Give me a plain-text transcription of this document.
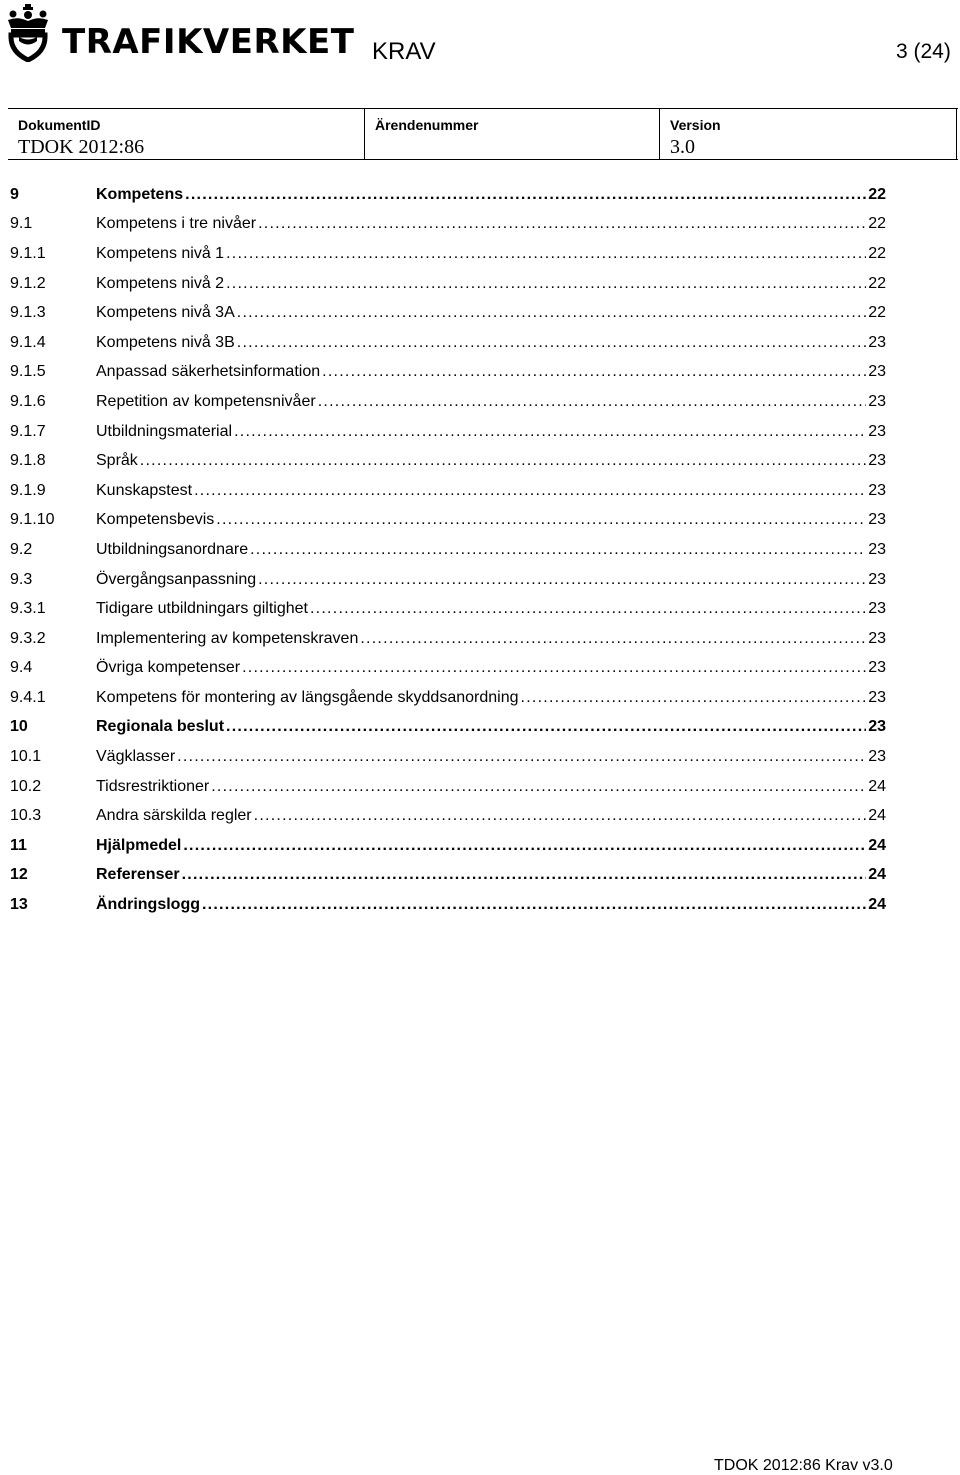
TRAFIKVERKET KRAV	3 (24)
DokumentID
TDOK 2012:86
Ärendenummer	Version
3.0
9	Kompetens . . .	22
9.1	Kompetens i tre nivåer . . .	22
9.1.1	Kompetens nivå 1 . . .	22
9.1.2	Kompetens nivå 2 . . .	22
9.1.3	Kompetens nivå 3A . . .	22
9.1.4	Kompetens nivå 3B . . .	23
9.1.5	Anpassad säkerhetsinformation . . .	23
9.1.6	Repetition av kompetensnivåer . . .	23
9.1.7	Utbildningsmaterial . . .	23
9.1.8	Språk . . .	23
9.1.9	Kunskapstest . . .	23
9.1.10	Kompetensbevis . . .	23
9.2	Utbildningsanordnare . . .	23
9.3	Övergångsanpassning . . .	23
9.3.1	Tidigare utbildningars giltighet . . .	23
9.3.2	Implementering av kompetenskraven . . .	23
9.4	Övriga kompetenser . . .	23
9.4.1	Kompetens för montering av längsgående skyddsanordning . . .	23
10	Regionala beslut . . .	23
10.1	Vägklasser . . .	23
10.2	Tidsrestriktioner . . .	24
10.3	Andra särskilda regler . . .	24
11	Hjälpmedel . . .	24
12	Referenser . . .	24
13	Ändringslogg . . .	24
TDOK 2012:86 Krav v3.0
